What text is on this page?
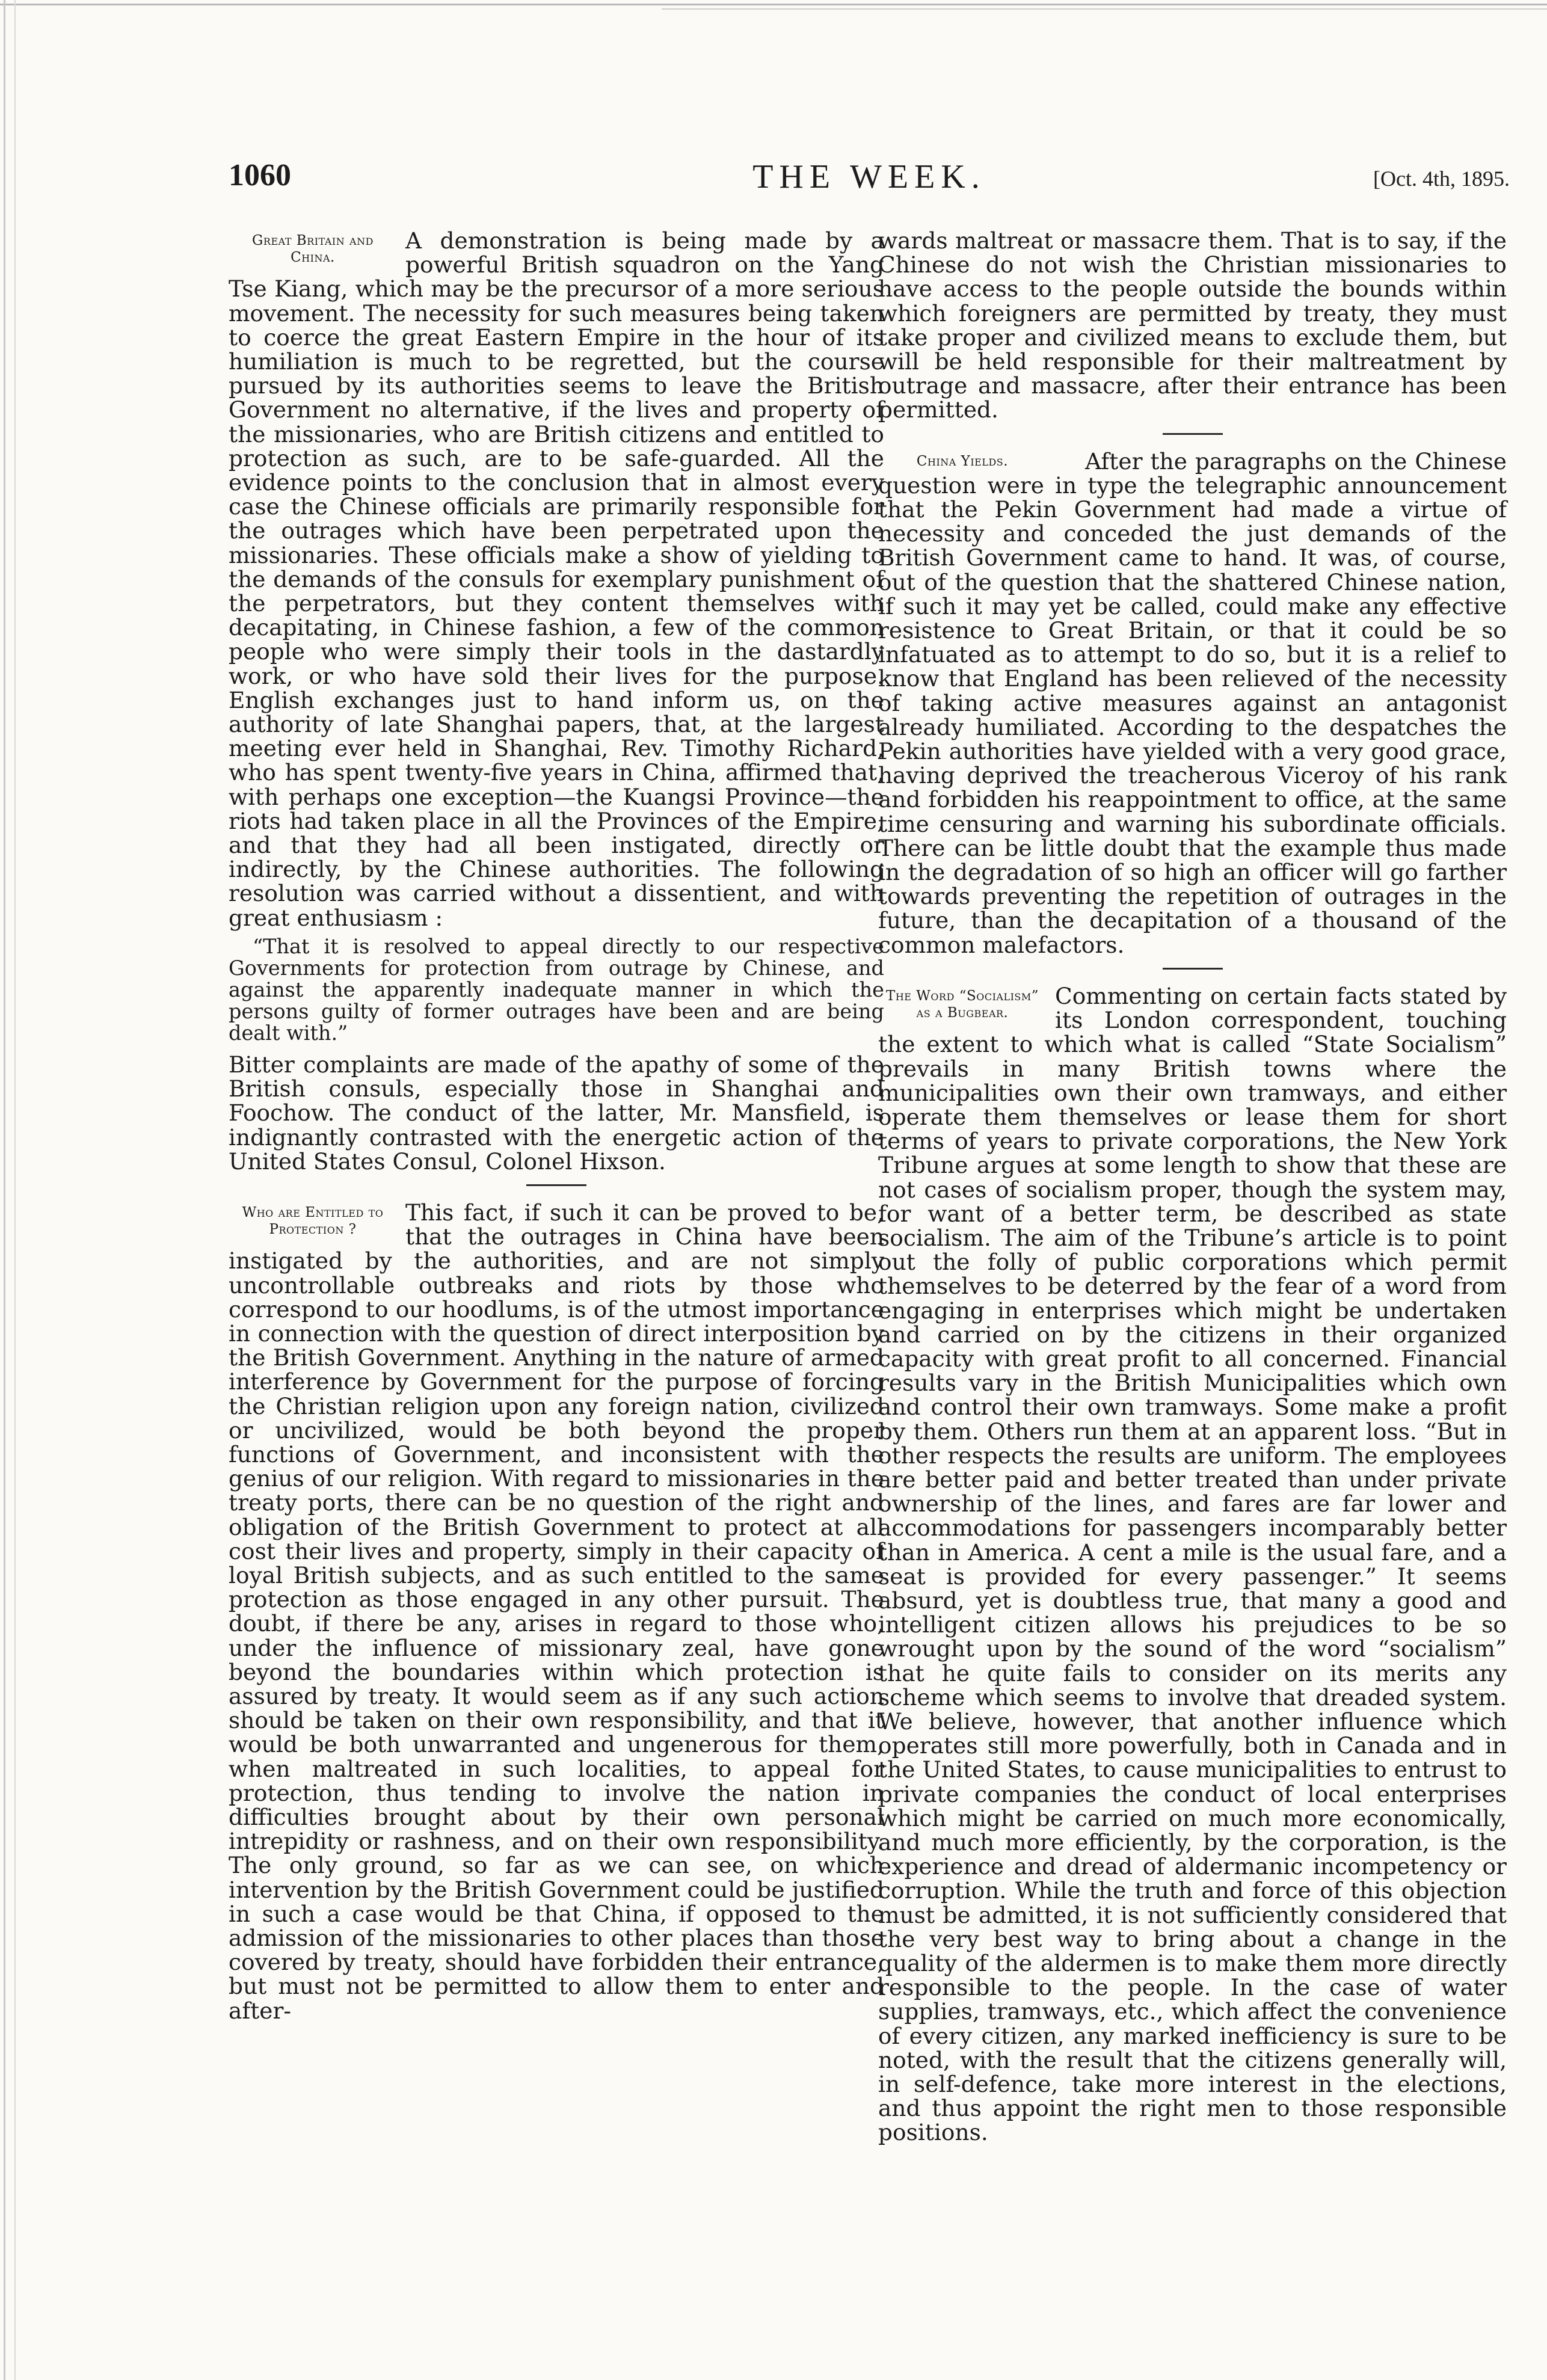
1060	THE WEEK.	[Oct. 4th, 1895.
Great Britain and China.

A demonstration is being made by a powerful British squadron on the Yang Tse Kiang, which may be the precursor of a more serious movement. The necessity for such measures being taken to coerce the great Eastern Empire in the hour of its humiliation is much to be regretted, but the course pursued by its authorities seems to leave the British Government no alternative, if the lives and property of the missionaries, who are British citizens and entitled to protection as such, are to be safe-guarded. All the evidence points to the conclusion that in almost every case the Chinese officials are primarily responsible for the outrages which have been perpetrated upon the missionaries. These officials make a show of yielding to the demands of the consuls for exemplary punishment of the perpetrators, but they content themselves with decapitating, in Chinese fashion, a few of the common people who were simply their tools in the dastardly work, or who have sold their lives for the purpose. English exchanges just to hand inform us, on the authority of late Shanghai papers, that, at the largest meeting ever held in Shanghai, Rev. Timothy Richard, who has spent twenty-five years in China, affirmed that, with perhaps one exception—the Kuangsi Province—the riots had taken place in all the Provinces of the Empire, and that they had all been instigated, directly or indirectly, by the Chinese authorities. The following resolution was carried without a dissentient, and with great enthusiasm :

“That it is resolved to appeal directly to our respective Governments for protection from outrage by Chinese, and against the apparently inadequate manner in which the persons guilty of former outrages have been and are being dealt with.”

Bitter complaints are made of the apathy of some of the British consuls, especially those in Shanghai and Foochow. The conduct of the latter, Mr. Mansfield, is indignantly contrasted with the energetic action of the United States Consul, Colonel Hixson.

Who are Entitled to Protection ?

This fact, if such it can be proved to be, that the outrages in China have been instigated by the authorities, and are not simply uncontrollable outbreaks and riots by those who correspond to our hoodlums, is of the utmost importance in connection with the question of direct interposition by the British Government. Anything in the nature of armed interference by Government for the purpose of forcing the Christian religion upon any foreign nation, civilized or uncivilized, would be both beyond the proper functions of Government, and inconsistent with the genius of our religion. With regard to missionaries in the treaty ports, there can be no question of the right and obligation of the British Government to protect at all cost their lives and property, simply in their capacity of loyal British subjects, and as such entitled to the same protection as those engaged in any other pursuit. The doubt, if there be any, arises in regard to those who, under the influence of missionary zeal, have gone beyond the boundaries within which protection is assured by treaty. It would seem as if any such action should be taken on their own responsibility, and that it would be both unwarranted and ungenerous for them, when maltreated in such localities, to appeal for protection, thus tending to involve the nation in difficulties brought about by their own personal intrepidity or rashness, and on their own responsibility. The only ground, so far as we can see, on which intervention by the British Government could be justified in such a case would be that China, if opposed to the admission of the missionaries to other places than those covered by treaty, should have forbidden their entrance, but must not be permitted to allow them to enter and after-

wards maltreat or massacre them. That is to say, if the Chinese do not wish the Christian missionaries to have access to the people outside the bounds within which foreigners are permitted by treaty, they must take proper and civilized means to exclude them, but will be held responsible for their maltreatment by outrage and massacre, after their entrance has been permitted.

China Yields.	After the paragraphs on the Chinese question were in type the telegraphic announcement that the Pekin Government had made a virtue of necessity and conceded the just demands of the British Government came to hand. It was, of course, out of the question that the shattered Chinese nation, if such it may yet be called, could make any effective resistence to Great Britain, or that it could be so infatuated as to attempt to do so, but it is a relief to know that England has been relieved of the necessity of taking active measures against an antagonist already humiliated. According to the despatches the Pekin authorities have yielded with a very good grace, having deprived the treacherous Viceroy of his rank and forbidden his reappointment to office, at the same time censuring and warning his subordinate officials. There can be little doubt that the example thus made in the degradation of so high an officer will go farther towards preventing the repetition of outrages in the future, than the decapitation of a thousand of the common malefactors.

The Word “Socialism” as a Bugbear.

Commenting on certain facts stated by its London correspondent, touching the extent to which what is called “State Socialism” prevails in many British towns where the municipalities own their own tramways, and either operate them themselves or lease them for short terms of years to private corporations, the New York Tribune argues at some length to show that these are not cases of socialism proper, though the system may, for want of a better term, be described as state socialism. The aim of the Tribune’s article is to point out the folly of public corporations which permit themselves to be deterred by the fear of a word from engaging in enterprises which might be undertaken and carried on by the citizens in their organized capacity with great profit to all concerned. Financial results vary in the British Municipalities which own and control their own tramways. Some make a profit by them. Others run them at an apparent loss. “But in other respects the results are uniform. The employees are better paid and better treated than under private ownership of the lines, and fares are far lower and accommodations for passengers incomparably better than in America. A cent a mile is the usual fare, and a seat is provided for every passenger.” It seems absurd, yet is doubtless true, that many a good and intelligent citizen allows his prejudices to be so wrought upon by the sound of the word “socialism” that he quite fails to consider on its merits any scheme which seems to involve that dreaded system. We believe, however, that another influence which operates still more powerfully, both in Canada and in the United States, to cause municipalities to entrust to private companies the conduct of local enterprises which might be carried on much more economically, and much more efficiently, by the corporation, is the experience and dread of aldermanic incompetency or corruption. While the truth and force of this objection must be admitted, it is not sufficiently considered that the very best way to bring about a change in the quality of the aldermen is to make them more directly responsible to the people. In the case of water supplies, tramways, etc., which affect the convenience of every citizen, any marked inefficiency is sure to be noted, with the result that the citizens generally will, in self-defence, take more interest in the elections, and thus appoint the right men to those responsible positions.
